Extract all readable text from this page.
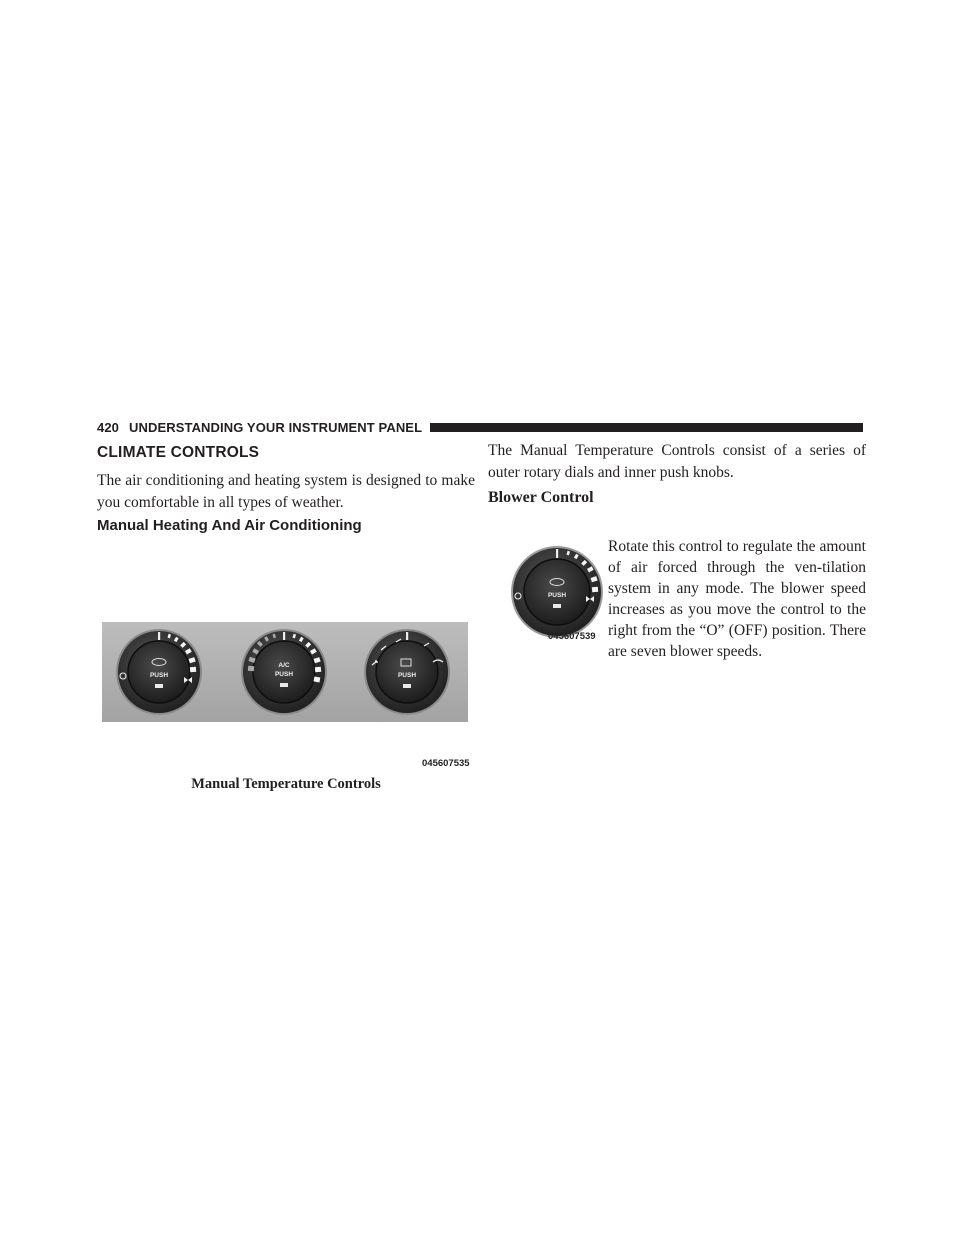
420 UNDERSTANDING YOUR INSTRUMENT PANEL
CLIMATE CONTROLS

The air conditioning and heating system is designed to make you comfortable in all types of weather.

Manual Heating And Air Conditioning
PUSH
A/C
PUSH	PUSH
045607535
Manual Temperature Controls

The Manual Temperature Controls consist of a series of outer rotary dials and inner push knobs.

Blower Control
PUSH
045607539

Rotate this control to regulate the amount of air forced through the ven-tilation system in any mode. The blower speed increases as you move the control to the right from the “O” (OFF) position. There are seven blower speeds.
